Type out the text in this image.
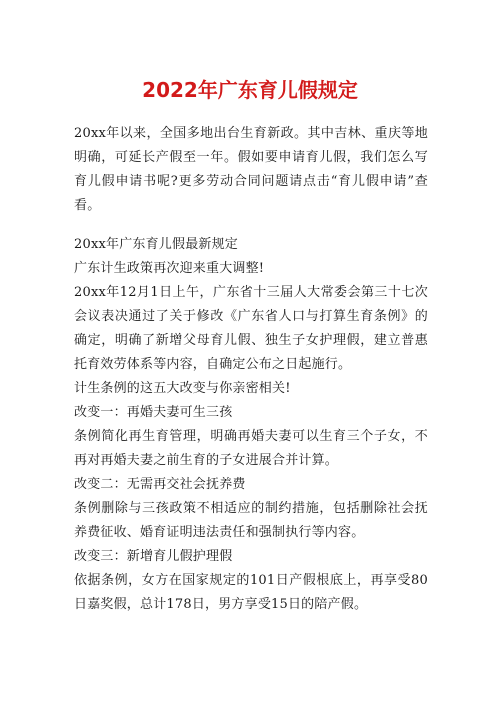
2022年广东育儿假规定

20xx年以来，全国多地出台生育新政。其中吉林、重庆等地明确，可延长产假至一年。假如要申请育儿假，我们怎么写育儿假申请书呢?更多劳动合同问题请点击“育儿假申请”查看。

20xx年广东育儿假最新规定
广东计生政策再次迎来重大调整!
20xx年12月1日上午，广东省十三届人大常委会第三十七次会议表决通过了关于修改《广东省人口与打算生育条例》的确定，明确了新增父母育儿假、独生子女护理假，建立普惠托育效劳体系等内容，自确定公布之日起施行。
计生条例的这五大改变与你亲密相关!
改变一：再婚夫妻可生三孩
条例简化再生育管理，明确再婚夫妻可以生育三个子女，不再对再婚夫妻之前生育的子女进展合并计算。
改变二：无需再交社会抚养费
条例删除与三孩政策不相适应的制约措施，包括删除社会抚养费征收、婚育证明违法责任和强制执行等内容。
改变三：新增育儿假护理假
依据条例，女方在国家规定的101日产假根底上，再享受80日嘉奖假，总计178日，男方享受15日的陪产假。
